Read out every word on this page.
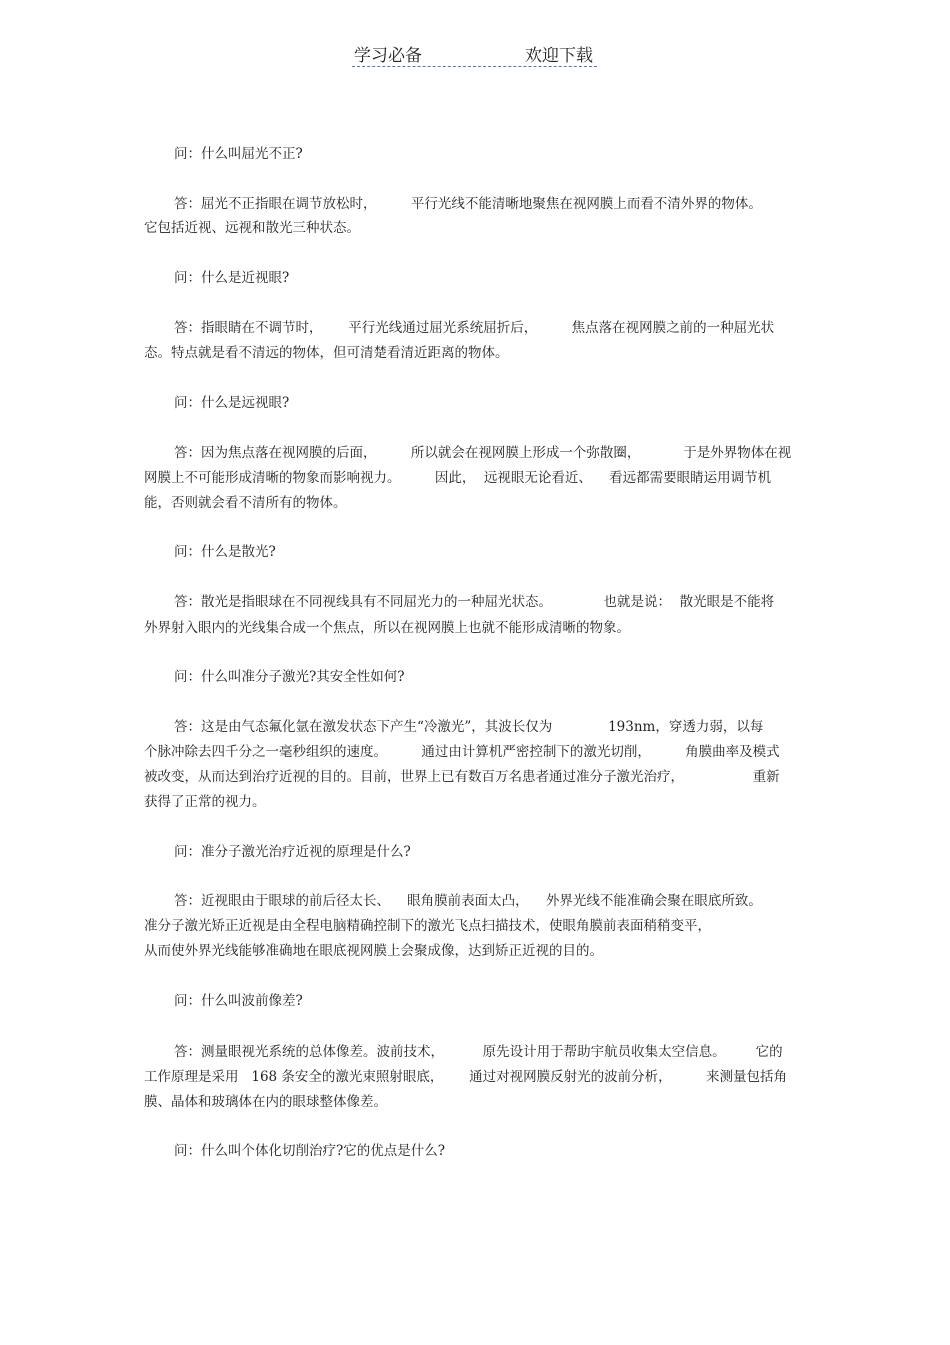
学习必备	欢迎下载
问：什么叫屈光不正?
答：屈光不正指眼在调节放松时，        平行光线不能清晰地聚焦在视网膜上而看不清外界的物体。
它包括近视、远视和散光三种状态。
问：什么是近视眼?
答：指眼睛在不调节时，      平行光线通过屈光系统屈折后，        焦点落在视网膜之前的一种屈光状
态。特点就是看不清远的物体，但可清楚看清近距离的物体。
问：什么是远视眼?
答：因为焦点落在视网膜的后面，        所以就会在视网膜上形成一个弥散圈，          于是外界物体在视
网膜上不可能形成清晰的物象而影响视力。        因此，  远视眼无论看近、    看远都需要眼睛运用调节机
能，否则就会看不清所有的物体。
问：什么是散光?
答：散光是指眼球在不同视线具有不同屈光力的一种屈光状态。            也就是说：  散光眼是不能将
外界射入眼内的光线集合成一个焦点，所以在视网膜上也就不能形成清晰的物象。
问：什么叫准分子激光?其安全性如何?
答：这是由气态氟化氩在激发状态下产生“冷激光”，其波长仅为             193nm，穿透力弱，以每
个脉冲除去四千分之一毫秒组织的速度。        通过由计算机严密控制下的激光切削，        角膜曲率及模式
被改变，从而达到治疗近视的目的。目前，世界上已有数百万名患者通过准分子激光治疗，                重新
获得了正常的视力。
问：准分子激光治疗近视的原理是什么?
答：近视眼由于眼球的前后径太长、    眼角膜前表面太凸，    外界光线不能准确会聚在眼底所致。
准分子激光矫正近视是由全程电脑精确控制下的激光飞点扫描技术，使眼角膜前表面稍稍变平，
从而使外界光线能够准确地在眼底视网膜上会聚成像，达到矫正近视的目的。
问：什么叫波前像差?
答：测量眼视光系统的总体像差。波前技术，         原先设计用于帮助宇航员收集太空信息。       它的
工作原理是采用   168 条安全的激光束照射眼底，      通过对视网膜反射光的波前分析，        来测量包括角
膜、晶体和玻璃体在内的眼球整体像差。
问：什么叫个体化切削治疗?它的优点是什么?
